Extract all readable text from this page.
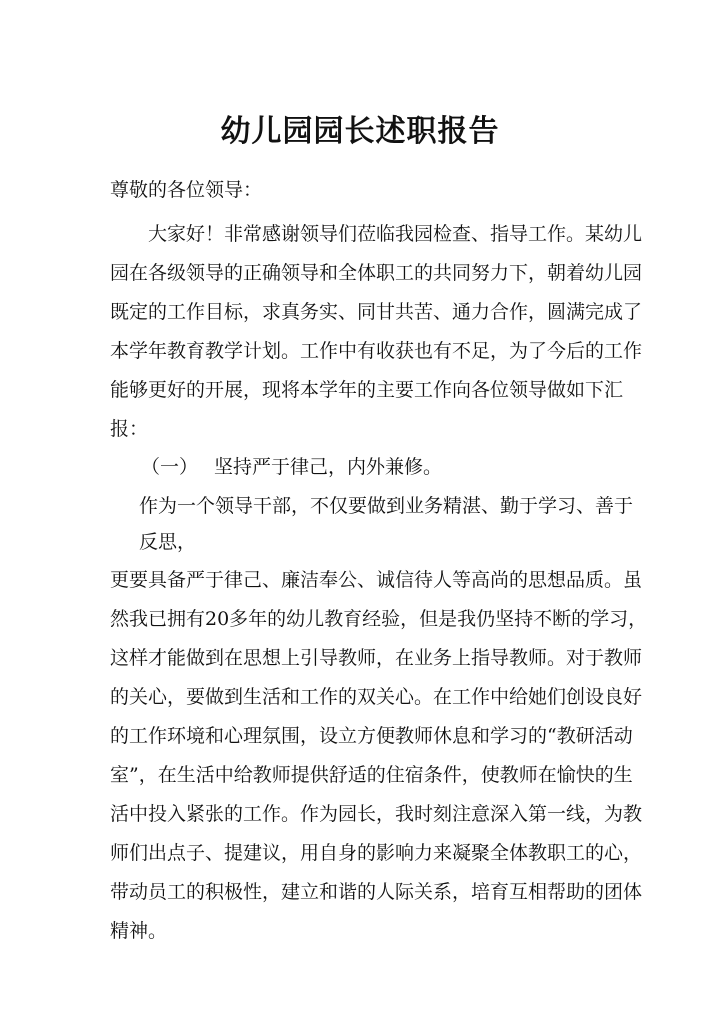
幼儿园园长述职报告
尊敬的各位领导：
大家好！非常感谢领导们莅临我园检查、指导工作。某幼儿
园在各级领导的正确领导和全体职工的共同努力下，朝着幼儿园
既定的工作目标，求真务实、同甘共苦、通力合作，圆满完成了
本学年教育教学计划。工作中有收获也有不足，为了今后的工作
能够更好的开展，现将本学年的主要工作向各位领导做如下汇
报：
（一） 坚持严于律己，内外兼修。
作为一个领导干部，不仅要做到业务精湛、勤于学习、善于
反思，
更要具备严于律己、廉洁奉公、诚信待人等高尚的思想品质。虽
然我已拥有20多年的幼儿教育经验，但是我仍坚持不断的学习，
这样才能做到在思想上引导教师，在业务上指导教师。对于教师
的关心，要做到生活和工作的双关心。在工作中给她们创设良好
的工作环境和心理氛围，设立方便教师休息和学习的“教研活动
室”，在生活中给教师提供舒适的住宿条件，使教师在愉快的生
活中投入紧张的工作。作为园长，我时刻注意深入第一线，为教
师们出点子、提建议，用自身的影响力来凝聚全体教职工的心，
带动员工的积极性，建立和谐的人际关系，培育互相帮助的团体
精神。
